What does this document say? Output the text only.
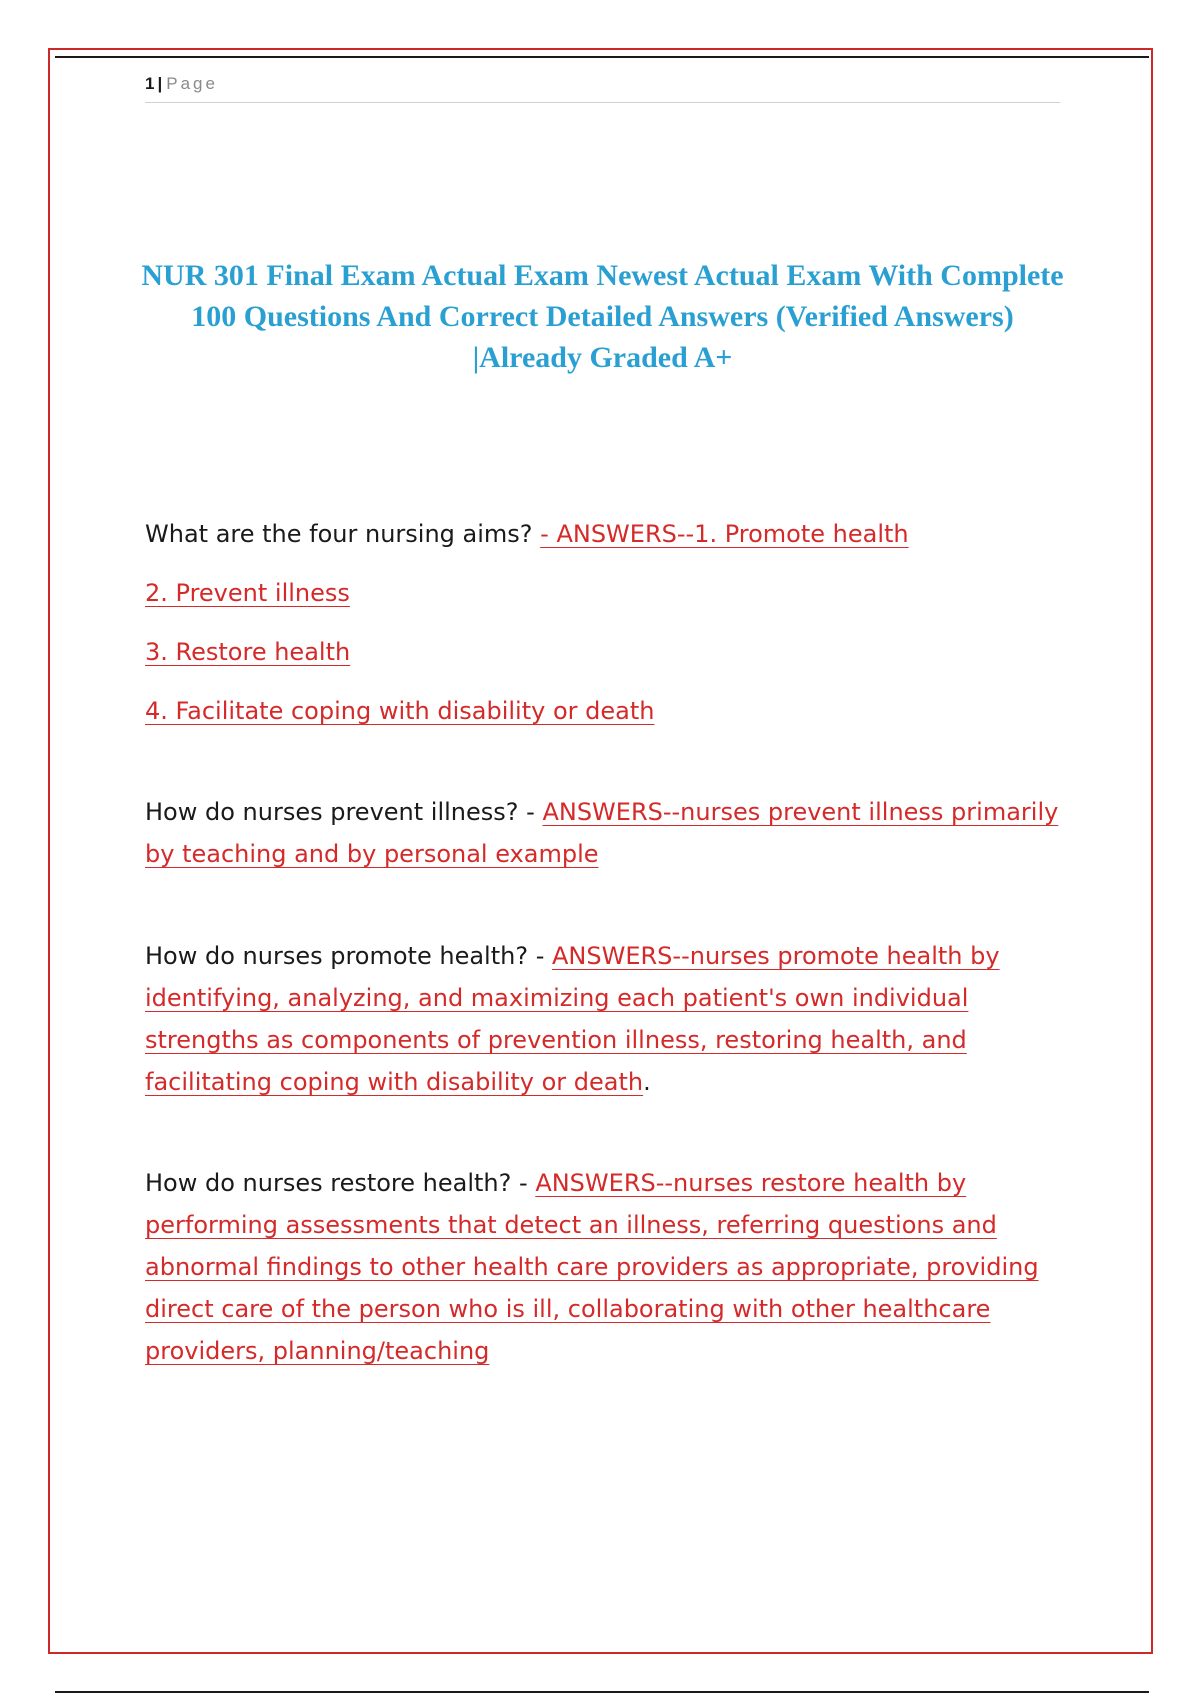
1 | Page
NUR 301 Final Exam Actual Exam Newest Actual Exam With Complete 100 Questions And Correct Detailed Answers (Verified Answers) |Already Graded A+
What are the four nursing aims? - ANSWERS--1. Promote health
2. Prevent illness
3. Restore health
4. Facilitate coping with disability or death
How do nurses prevent illness? - ANSWERS--nurses prevent illness primarily by teaching and by personal example
How do nurses promote health? - ANSWERS--nurses promote health by identifying, analyzing, and maximizing each patient's own individual strengths as components of prevention illness, restoring health, and facilitating coping with disability or death.
How do nurses restore health? - ANSWERS--nurses restore health by performing assessments that detect an illness, referring questions and abnormal findings to other health care providers as appropriate, providing direct care of the person who is ill, collaborating with other healthcare providers, planning/teaching
